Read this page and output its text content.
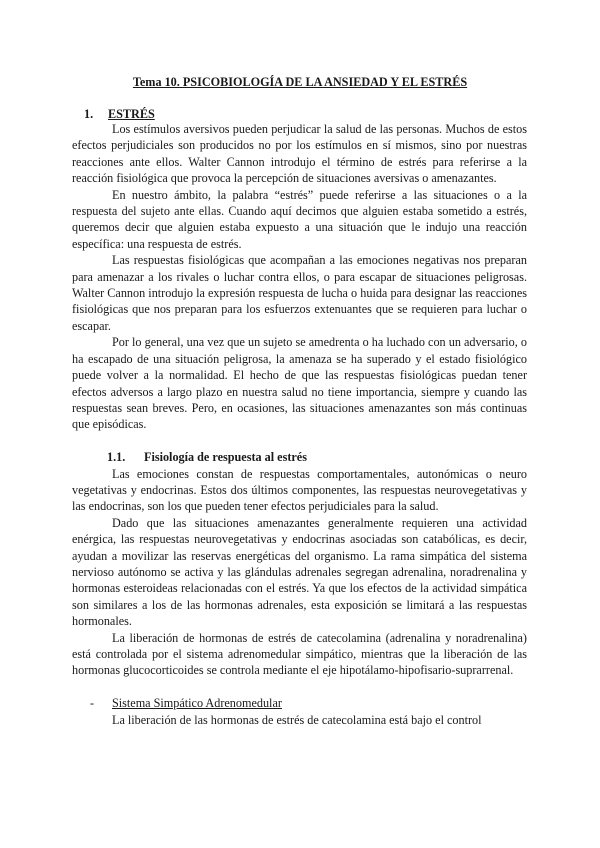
Tema 10. PSICOBIOLOGÍA DE LA ANSIEDAD Y EL ESTRÉS
1. ESTRÉS

Los estímulos aversivos pueden perjudicar la salud de las personas. Muchos de estos efectos perjudiciales son producidos no por los estímulos en sí mismos, sino por nuestras reacciones ante ellos. Walter Cannon introdujo el término de estrés para referirse a la reacción fisiológica que provoca la percepción de situaciones aversivas o amenazantes.

En nuestro ámbito, la palabra “estrés” puede referirse a las situaciones o a la respuesta del sujeto ante ellas. Cuando aquí decimos que alguien estaba sometido a estrés, queremos decir que alguien estaba expuesto a una situación que le indujo una reacción específica: una respuesta de estrés.

Las respuestas fisiológicas que acompañan a las emociones negativas nos preparan para amenazar a los rivales o luchar contra ellos, o para escapar de situaciones peligrosas. Walter Cannon introdujo la expresión respuesta de lucha o huida para designar las reacciones fisiológicas que nos preparan para los esfuerzos extenuantes que se requieren para luchar o escapar.

Por lo general, una vez que un sujeto se amedrenta o ha luchado con un adversario, o ha escapado de una situación peligrosa, la amenaza se ha superado y el estado fisiológico puede volver a la normalidad. El hecho de que las respuestas fisiológicas puedan tener efectos adversos a largo plazo en nuestra salud no tiene importancia, siempre y cuando las respuestas sean breves. Pero, en ocasiones, las situaciones amenazantes son más continuas que episódicas.

1.1. Fisiología de respuesta al estrés

Las emociones constan de respuestas comportamentales, autonómicas o neuro vegetativas y endocrinas. Estos dos últimos componentes, las respuestas neurovegetativas y las endocrinas, son los que pueden tener efectos perjudiciales para la salud.

Dado que las situaciones amenazantes generalmente requieren una actividad enérgica, las respuestas neurovegetativas y endocrinas asociadas son catabólicas, es decir, ayudan a movilizar las reservas energéticas del organismo. La rama simpática del sistema nervioso autónomo se activa y las glándulas adrenales segregan adrenalina, noradrenalina y hormonas esteroideas relacionadas con el estrés. Ya que los efectos de la actividad simpática son similares a los de las hormonas adrenales, esta exposición se limitará a las respuestas hormonales.

La liberación de hormonas de estrés de catecolamina (adrenalina y noradrenalina) está controlada por el sistema adrenomedular simpático, mientras que la liberación de las hormonas glucocorticoides se controla mediante el eje hipotálamo-hipofisario-suprarrenal.

- Sistema Simpático Adrenomedular
La liberación de las hormonas de estrés de catecolamina está bajo el control
